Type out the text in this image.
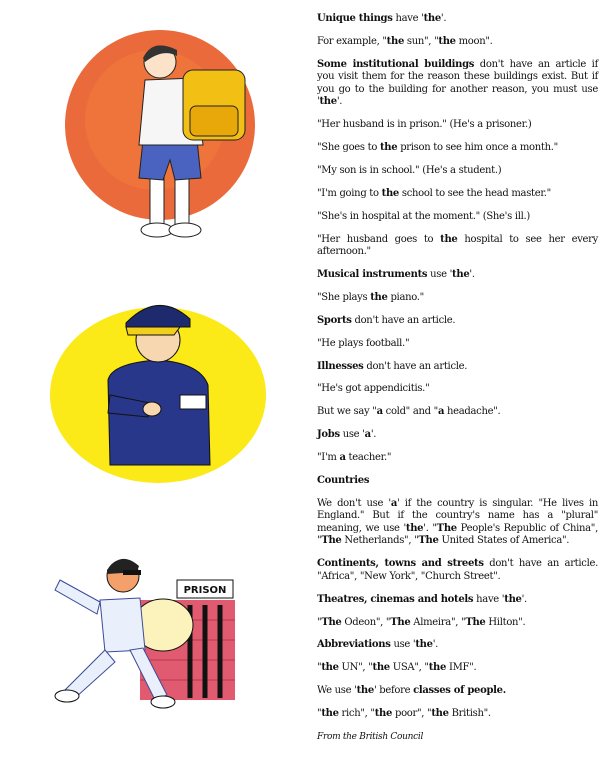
PRISON

Unique things have 'the'.

For example, "the sun", "the moon".

Some institutional buildings don't have an article if you visit them for the reason these buildings exist. But if you go to the building for another reason, you must use 'the'.

"Her husband is in prison." (He's a prisoner.)

"She goes to the prison to see him once a month."

"My son is in school." (He's a student.)

"I'm going to the school to see the head master."

"She's in hospital at the moment." (She's ill.)

"Her husband goes to the hospital to see her every afternoon."

Musical instruments use 'the'.

"She plays the piano."

Sports don't have an article.

"He plays football."

Illnesses don't have an article.

"He's got appendicitis."

But we say "a cold" and "a headache".

Jobs use 'a'.

"I'm a teacher."

Countries

We don't use 'a' if the country is singular. "He lives in England." But if the country's name has a "plural" meaning, we use 'the'. "The People's Republic of China", "The Netherlands", "The United States of America".

Continents, towns and streets don't have an article. "Africa", "New York", "Church Street".

Theatres, cinemas and hotels have 'the'.

"The Odeon", "The Almeira", "The Hilton".

Abbreviations use 'the'.

"the UN", "the USA", "the IMF".

We use 'the' before classes of people.

"the rich", "the poor", "the British".

From the British Council
